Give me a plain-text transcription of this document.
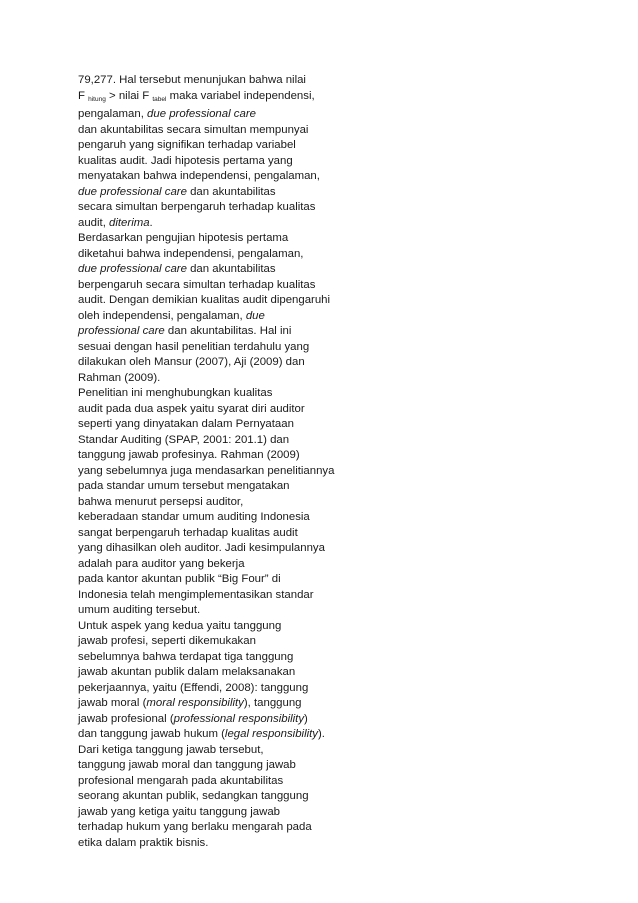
79,277. Hal tersebut menunjukan bahwa nilai
F $_{hitung}$ > nilai F $_{tabel}$ maka variabel independensi,
pengalaman, due professional care
dan akuntabilitas secara simultan mempunyai
pengaruh yang signifikan terhadap variabel
kualitas audit. Jadi hipotesis pertama yang
menyatakan bahwa independensi, pengalaman,
due professional care dan akuntabilitas
secara simultan berpengaruh terhadap kualitas
audit, diterima.
Berdasarkan pengujian hipotesis pertama
diketahui bahwa independensi, pengalaman,
due professional care dan akuntabilitas
berpengaruh secara simultan terhadap kualitas
audit. Dengan demikian kualitas audit dipengaruhi
oleh independensi, pengalaman, due
professional care dan akuntabilitas. Hal ini
sesuai dengan hasil penelitian terdahulu yang
dilakukan oleh Mansur (2007), Aji (2009) dan
Rahman (2009).
Penelitian ini menghubungkan kualitas
audit pada dua aspek yaitu syarat diri auditor
seperti yang dinyatakan dalam Pernyataan
Standar Auditing (SPAP, 2001: 201.1) dan
tanggung jawab profesinya. Rahman (2009)
yang sebelumnya juga mendasarkan penelitiannya
pada standar umum tersebut mengatakan
bahwa menurut persepsi auditor,
keberadaan standar umum auditing Indonesia
sangat berpengaruh terhadap kualitas audit
yang dihasilkan oleh auditor. Jadi kesimpulannya
adalah para auditor yang bekerja
pada kantor akuntan publik “Big Four” di
Indonesia telah mengimplementasikan standar
umum auditing tersebut.
Untuk aspek yang kedua yaitu tanggung
jawab profesi, seperti dikemukakan
sebelumnya bahwa terdapat tiga tanggung
jawab akuntan publik dalam melaksanakan
pekerjaannya, yaitu (Effendi, 2008): tanggung
jawab moral (moral responsibility), tanggung
jawab profesional (professional responsibility)
dan tanggung jawab hukum (legal responsibility).
Dari ketiga tanggung jawab tersebut,
tanggung jawab moral dan tanggung jawab
profesional mengarah pada akuntabilitas
seorang akuntan publik, sedangkan tanggung
jawab yang ketiga yaitu tanggung jawab
terhadap hukum yang berlaku mengarah pada
etika dalam praktik bisnis.
